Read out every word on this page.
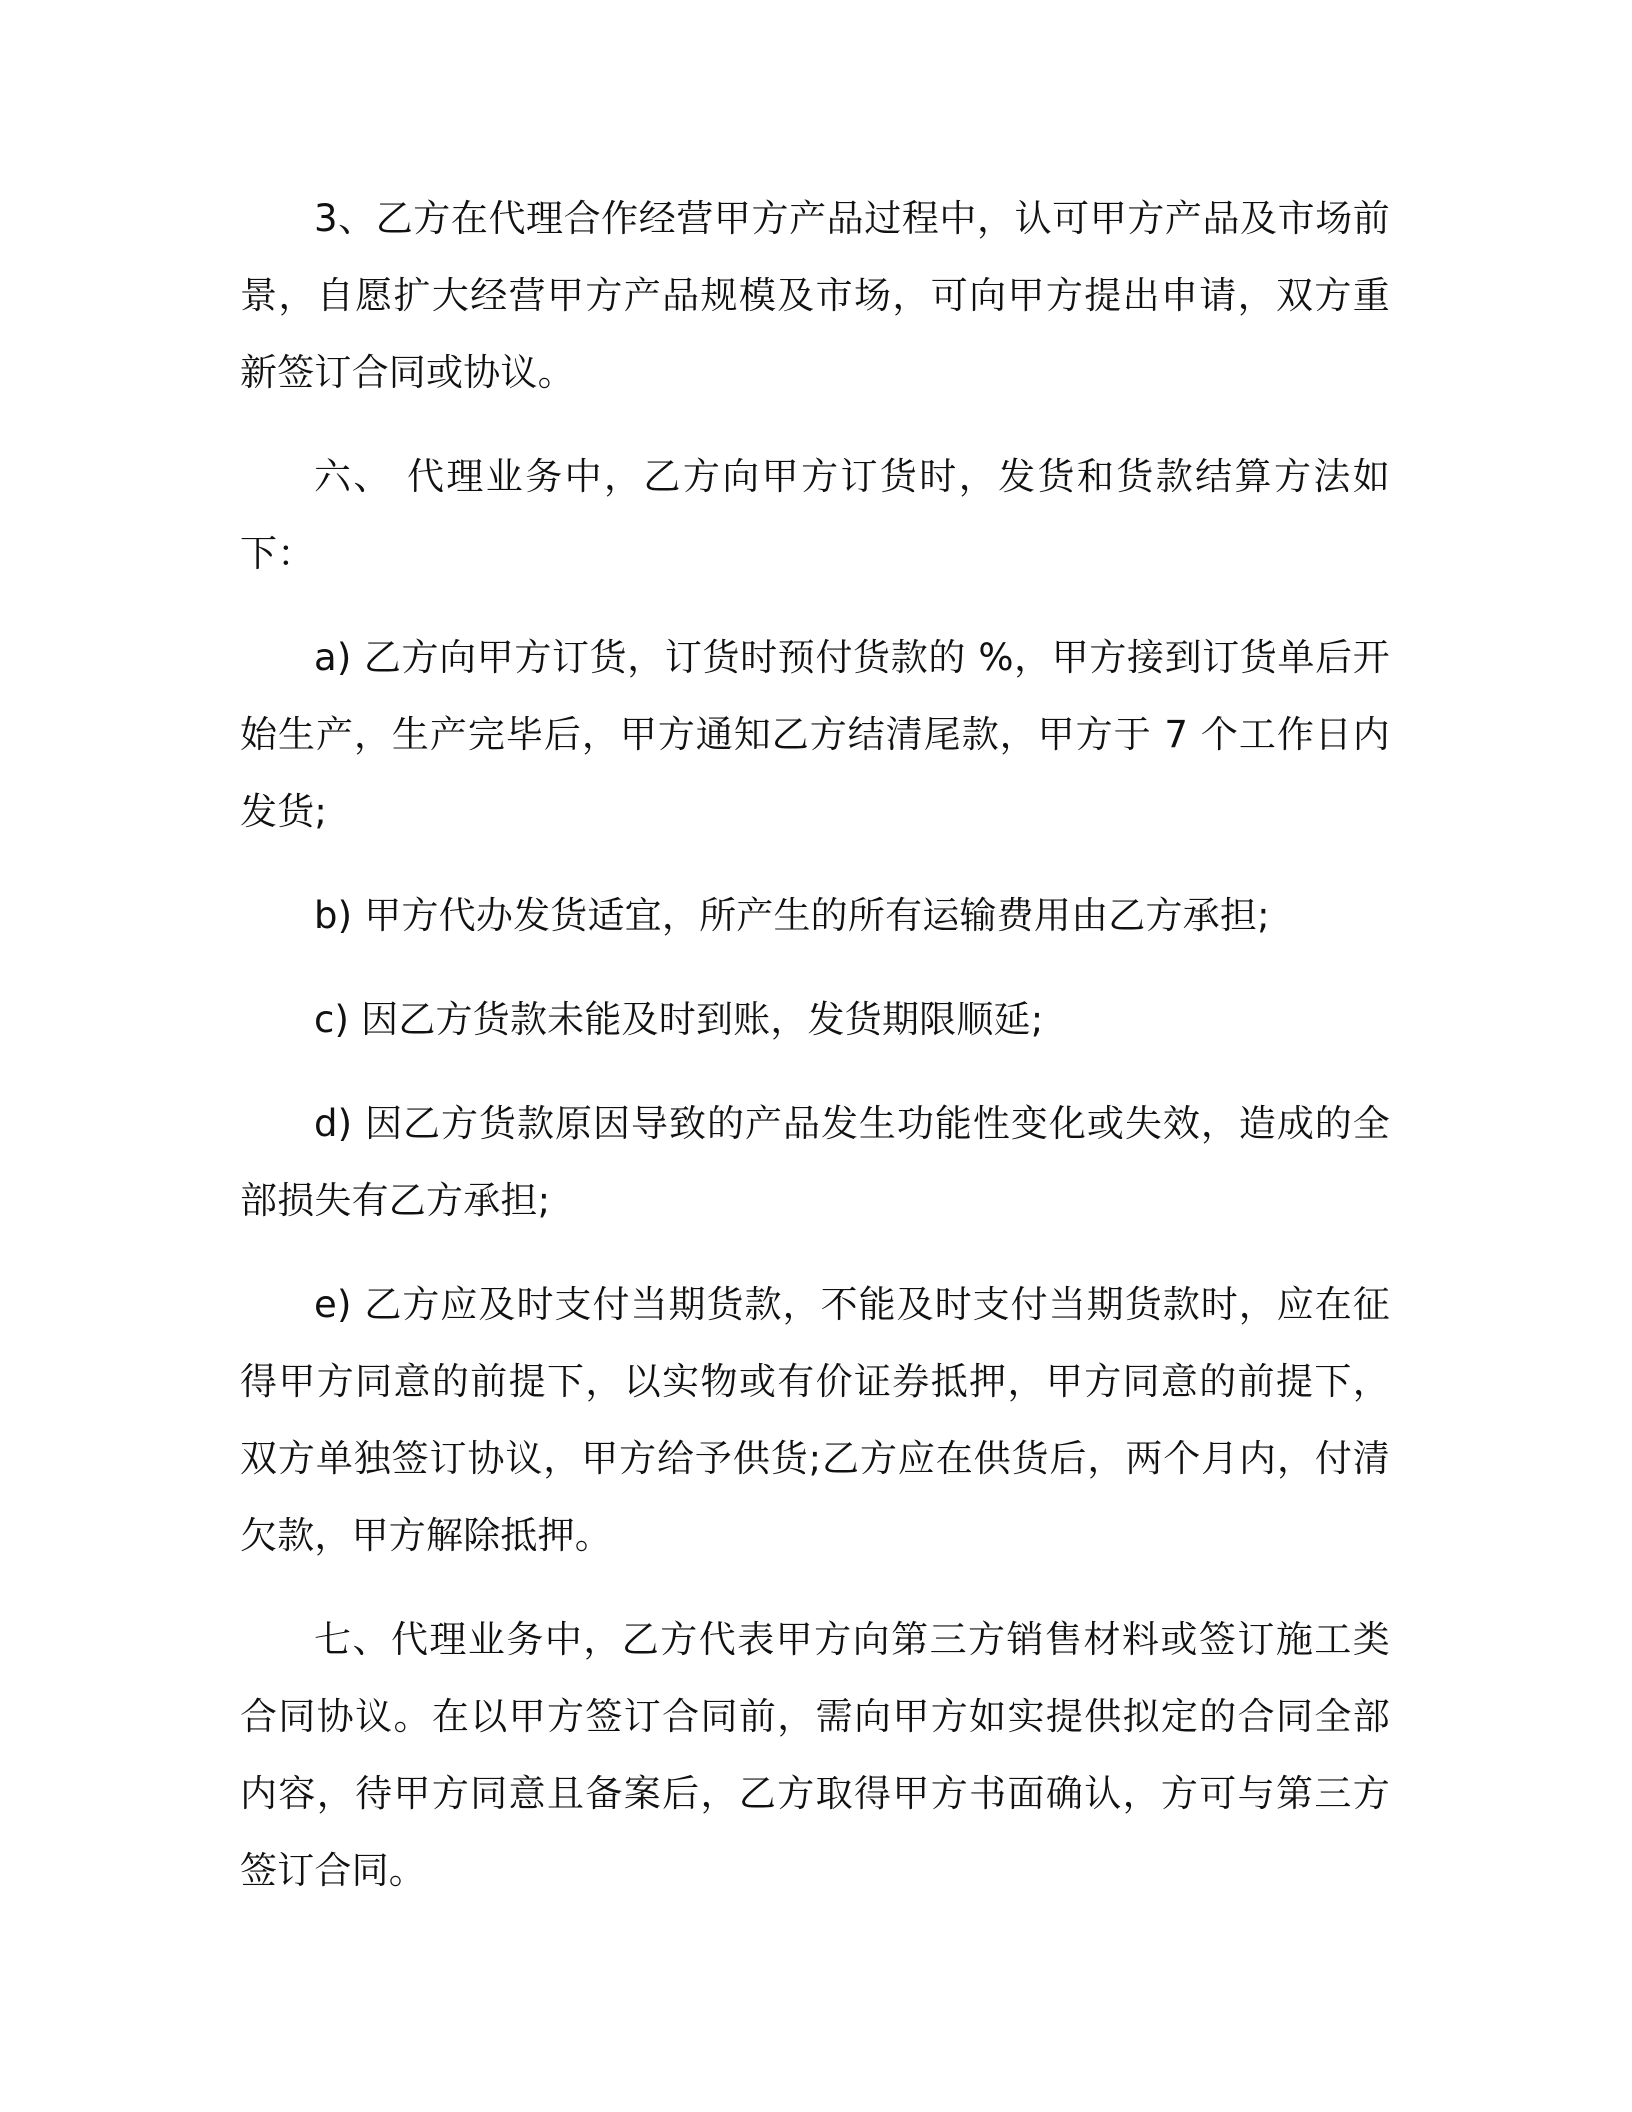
3、乙方在代理合作经营甲方产品过程中，认可甲方产品及市场前景，自愿扩大经营甲方产品规模及市场，可向甲方提出申请，双方重新签订合同或协议。

六、 代理业务中，乙方向甲方订货时，发货和货款结算方法如下：

a) 乙方向甲方订货，订货时预付货款的 %，甲方接到订货单后开始生产，生产完毕后，甲方通知乙方结清尾款，甲方于 7 个工作日内发货;

b) 甲方代办发货适宜，所产生的所有运输费用由乙方承担;

c) 因乙方货款未能及时到账，发货期限顺延;

d) 因乙方货款原因导致的产品发生功能性变化或失效，造成的全部损失有乙方承担;

e) 乙方应及时支付当期货款，不能及时支付当期货款时，应在征得甲方同意的前提下，以实物或有价证券抵押，甲方同意的前提下，双方单独签订协议，甲方给予供货;乙方应在供货后，两个月内，付清欠款，甲方解除抵押。

七、代理业务中，乙方代表甲方向第三方销售材料或签订施工类合同协议。在以甲方签订合同前，需向甲方如实提供拟定的合同全部内容，待甲方同意且备案后，乙方取得甲方书面确认，方可与第三方签订合同。
